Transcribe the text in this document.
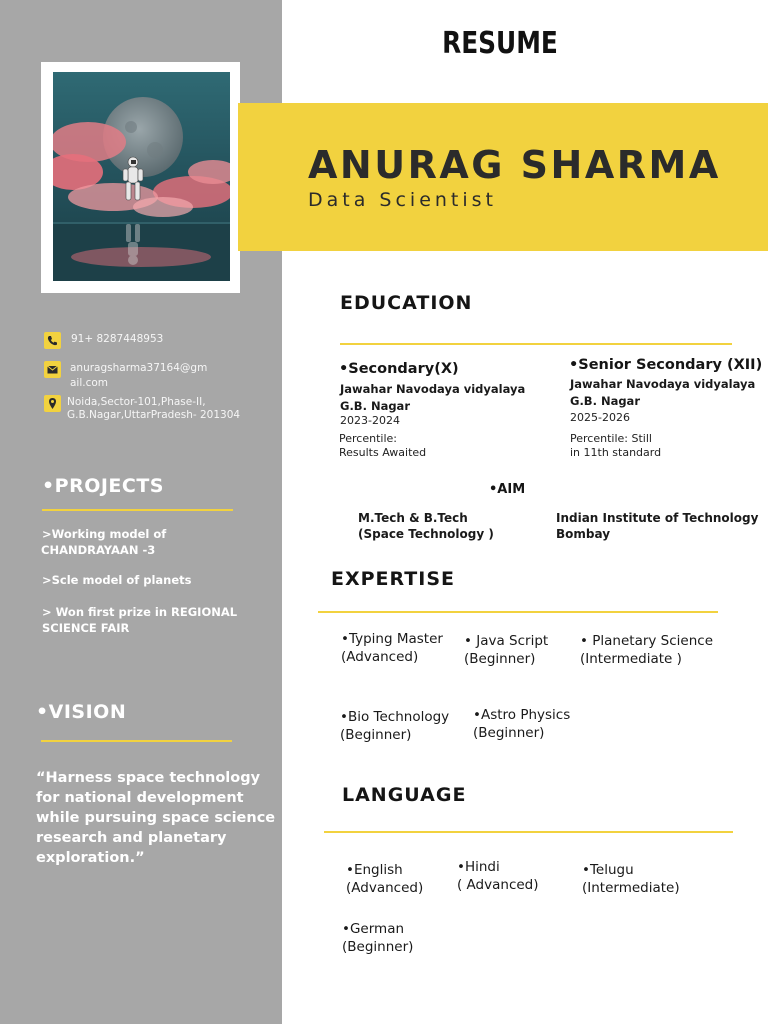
91+ 8287448953
anuragsharma37164@gm
ail.com
Noida,Sector-101,Phase-II,
G.B.Nagar,UttarPradesh- 201304
•PROJECTS
>Working model of
CHANDRAYAAN -3
>Scle model of planets
> Won first prize in REGIONAL
SCIENCE FAIR
•VISION
“Harness space technology for national development while pursuing space science research and planetary exploration.”
RESUME
ANURAG SHARMA
Data Scientist
EDUCATION
•Secondary(X)
Jawahar Navodaya vidyalaya
G.B. Nagar
2023-2024
Percentile:
Results Awaited
•Senior Secondary (XII)
Jawahar Navodaya vidyalaya
G.B. Nagar
2025-2026
Percentile: Still
in 11th standard
•AIM
M.Tech & B.Tech
(Space Technology )
Indian Institute of Technology
Bombay
EXPERTISE
•Typing Master
(Advanced)
• Java Script
(Beginner)
• Planetary Science
(Intermediate )
•Bio Technology
(Beginner)
•Astro Physics
(Beginner)
LANGUAGE
•English
(Advanced)
•Hindi
( Advanced)
•Telugu
(Intermediate)
•German
(Beginner)
